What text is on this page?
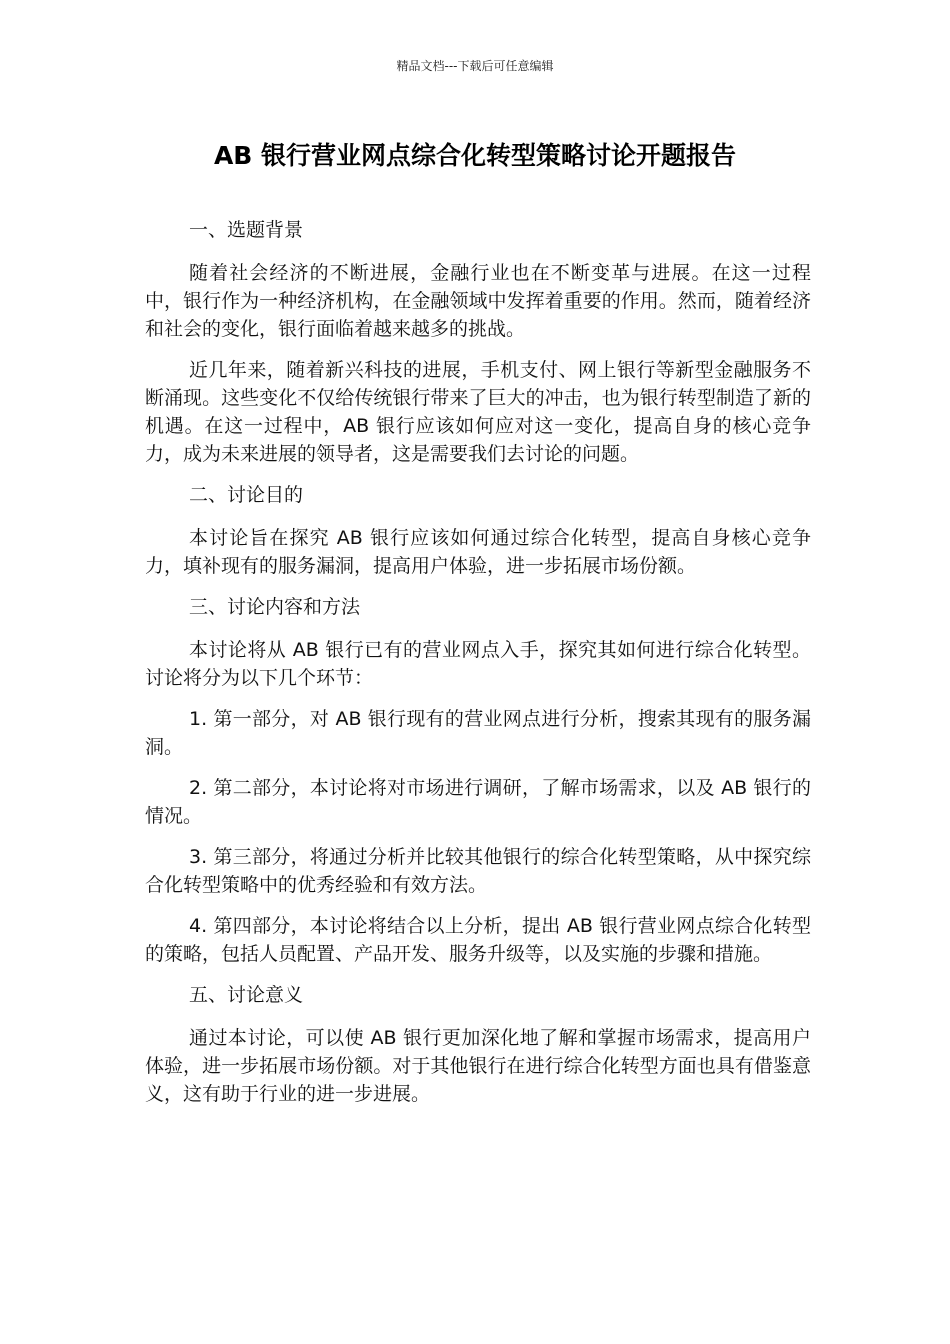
精品文档---下载后可任意编辑
AB 银行营业网点综合化转型策略讨论开题报告

一、选题背景

随着社会经济的不断进展，金融行业也在不断变革与进展。在这一过程中，银行作为一种经济机构，在金融领域中发挥着重要的作用。然而，随着经济和社会的变化，银行面临着越来越多的挑战。

近几年来，随着新兴科技的进展，手机支付、网上银行等新型金融服务不断涌现。这些变化不仅给传统银行带来了巨大的冲击，也为银行转型制造了新的机遇。在这一过程中，AB 银行应该如何应对这一变化，提高自身的核心竞争力，成为未来进展的领导者，这是需要我们去讨论的问题。

二、讨论目的

本讨论旨在探究 AB 银行应该如何通过综合化转型，提高自身核心竞争力，填补现有的服务漏洞，提高用户体验，进一步拓展市场份额。

三、讨论内容和方法

本讨论将从 AB 银行已有的营业网点入手，探究其如何进行综合化转型。讨论将分为以下几个环节：

1. 第一部分，对 AB 银行现有的营业网点进行分析，搜索其现有的服务漏洞。

2. 第二部分，本讨论将对市场进行调研，了解市场需求，以及 AB 银行的情况。

3. 第三部分，将通过分析并比较其他银行的综合化转型策略，从中探究综合化转型策略中的优秀经验和有效方法。

4. 第四部分，本讨论将结合以上分析，提出 AB 银行营业网点综合化转型的策略，包括人员配置、产品开发、服务升级等，以及实施的步骤和措施。

五、讨论意义

通过本讨论，可以使 AB 银行更加深化地了解和掌握市场需求，提高用户体验，进一步拓展市场份额。对于其他银行在进行综合化转型方面也具有借鉴意义，这有助于行业的进一步进展。
